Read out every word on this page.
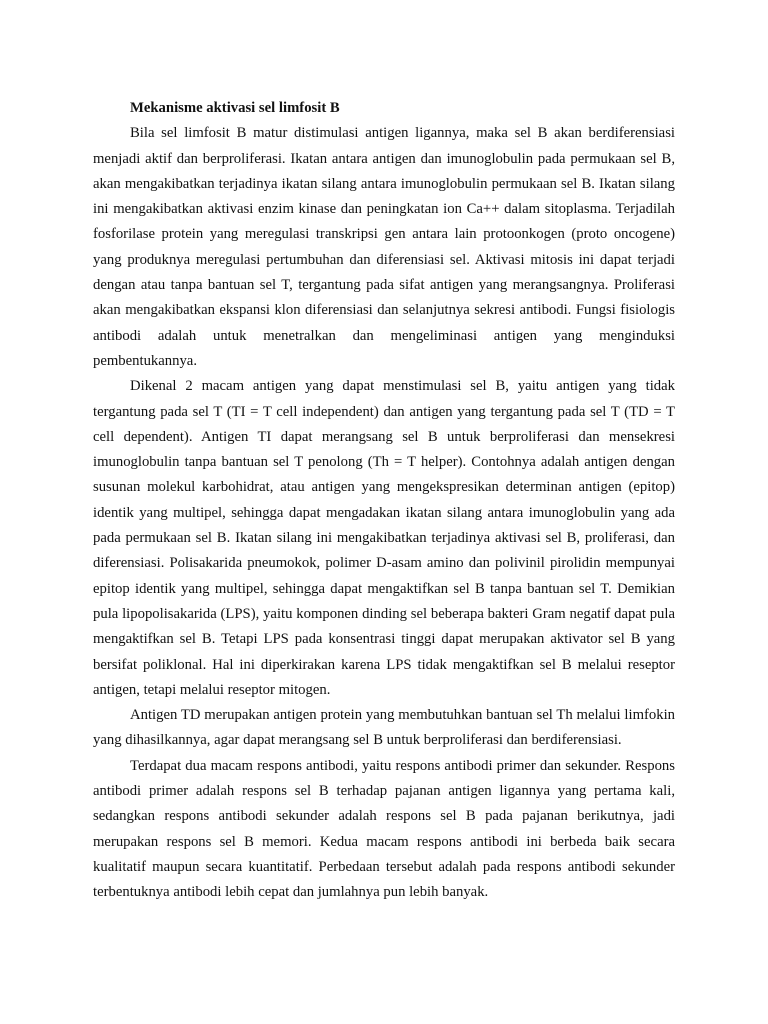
Mekanisme aktivasi sel limfosit B

Bila sel limfosit B matur distimulasi antigen ligannya, maka sel B akan berdiferensiasi menjadi aktif dan berproliferasi. Ikatan antara antigen dan imunoglobulin pada permukaan sel B, akan mengakibatkan terjadinya ikatan silang antara imunoglobulin permukaan sel B. Ikatan silang ini mengakibatkan aktivasi enzim kinase dan peningkatan ion Ca++ dalam sitoplasma. Terjadilah fosforilase protein yang meregulasi transkripsi gen antara lain protoonkogen (proto oncogene) yang produknya meregulasi pertumbuhan dan diferensiasi sel. Aktivasi mitosis ini dapat terjadi dengan atau tanpa bantuan sel T, tergantung pada sifat antigen yang merangsangnya. Proliferasi akan mengakibatkan ekspansi klon diferensiasi dan selanjutnya sekresi antibodi. Fungsi fisiologis antibodi adalah untuk menetralkan dan mengeliminasi antigen yang menginduksi pembentukannya.

Dikenal 2 macam antigen yang dapat menstimulasi sel B, yaitu antigen yang tidak tergantung pada sel T (TI = T cell independent) dan antigen yang tergantung pada sel T (TD = T cell dependent). Antigen TI dapat merangsang sel B untuk berproliferasi dan mensekresi imunoglobulin tanpa bantuan sel T penolong (Th = T helper). Contohnya adalah antigen dengan susunan molekul karbohidrat, atau antigen yang mengekspresikan determinan antigen (epitop) identik yang multipel, sehingga dapat mengadakan ikatan silang antara imunoglobulin yang ada pada permukaan sel B. Ikatan silang ini mengakibatkan terjadinya aktivasi sel B, proliferasi, dan diferensiasi. Polisakarida pneumokok, polimer D-asam amino dan polivinil pirolidin mempunyai epitop identik yang multipel, sehingga dapat mengaktifkan sel B tanpa bantuan sel T. Demikian pula lipopolisakarida (LPS), yaitu komponen dinding sel beberapa bakteri Gram negatif dapat pula mengaktifkan sel B. Tetapi LPS pada konsentrasi tinggi dapat merupakan aktivator sel B yang bersifat poliklonal. Hal ini diperkirakan karena LPS tidak mengaktifkan sel B melalui reseptor antigen, tetapi melalui reseptor mitogen.

Antigen TD merupakan antigen protein yang membutuhkan bantuan sel Th melalui limfokin yang dihasilkannya, agar dapat merangsang sel B untuk berproliferasi dan berdiferensiasi.

Terdapat dua macam respons antibodi, yaitu respons antibodi primer dan sekunder. Respons antibodi primer adalah respons sel B terhadap pajanan antigen ligannya yang pertama kali, sedangkan respons antibodi sekunder adalah respons sel B pada pajanan berikutnya, jadi merupakan respons sel B memori. Kedua macam respons antibodi ini berbeda baik secara kualitatif maupun secara kuantitatif. Perbedaan tersebut adalah pada respons antibodi sekunder terbentuknya antibodi lebih cepat dan jumlahnya pun lebih banyak.
